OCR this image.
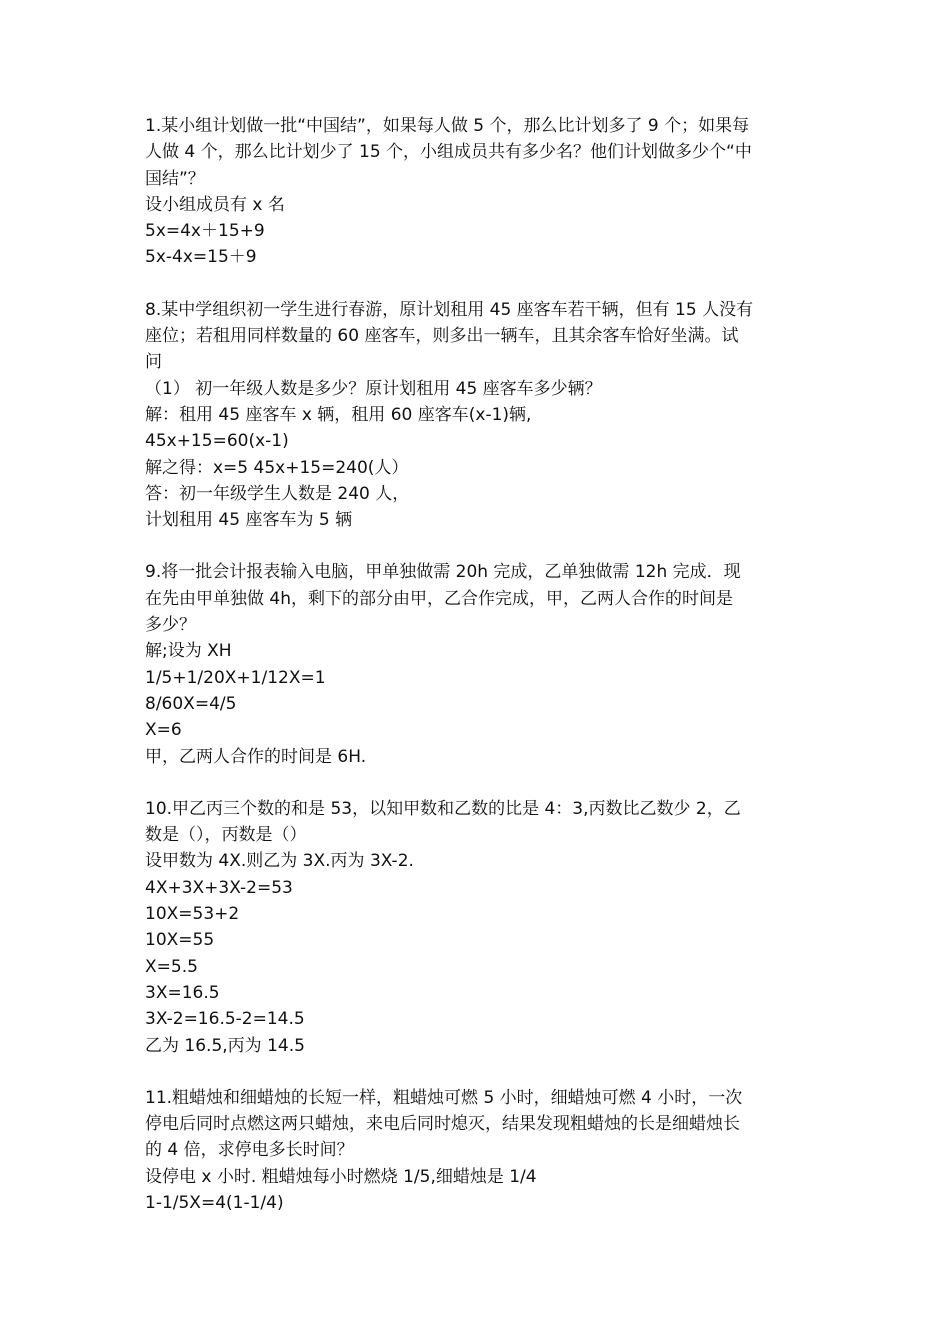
1.某小组计划做一批“中国结”，如果每人做 5 个，那么比计划多了 9 个；如果每
人做 4 个，那么比计划少了 15 个，小组成员共有多少名？他们计划做多少个“中
国结”？
设小组成员有 x 名
5x=4x＋15+9
5x-4x=15＋9
8.某中学组织初一学生进行春游，原计划租用 45 座客车若干辆，但有 15 人没有
座位；若租用同样数量的 60 座客车，则多出一辆车，且其余客车恰好坐满。试
问
（1） 初一年级人数是多少？原计划租用 45 座客车多少辆？
解：租用 45 座客车 x 辆，租用 60 座客车(x-1)辆,
45x+15=60(x-1)
解之得：x=5 45x+15=240(人）
答：初一年级学生人数是 240 人，
计划租用 45 座客车为 5 辆
9.将一批会计报表输入电脑，甲单独做需 20h 完成，乙单独做需 12h 完成．现
在先由甲单独做 4h，剩下的部分由甲，乙合作完成，甲，乙两人合作的时间是
多少？
解;设为 XH
1/5+1/20X+1/12X=1
8/60X=4/5
X=6
甲，乙两人合作的时间是 6H.
10.甲乙丙三个数的和是 53，以知甲数和乙数的比是 4：3,丙数比乙数少 2，乙
数是（），丙数是（）
设甲数为 4X.则乙为 3X.丙为 3X-2.
4X+3X+3X-2=53
10X=53+2
10X=55
X=5.5
3X=16.5
3X-2=16.5-2=14.5
乙为 16.5,丙为 14.5
11.粗蜡烛和细蜡烛的长短一样，粗蜡烛可燃 5 小时，细蜡烛可燃 4 小时，一次
停电后同时点燃这两只蜡烛，来电后同时熄灭，结果发现粗蜡烛的长是细蜡烛长
的 4 倍，求停电多长时间？
设停电 x 小时. 粗蜡烛每小时燃烧 1/5,细蜡烛是 1/4
1-1/5X=4(1-1/4)
